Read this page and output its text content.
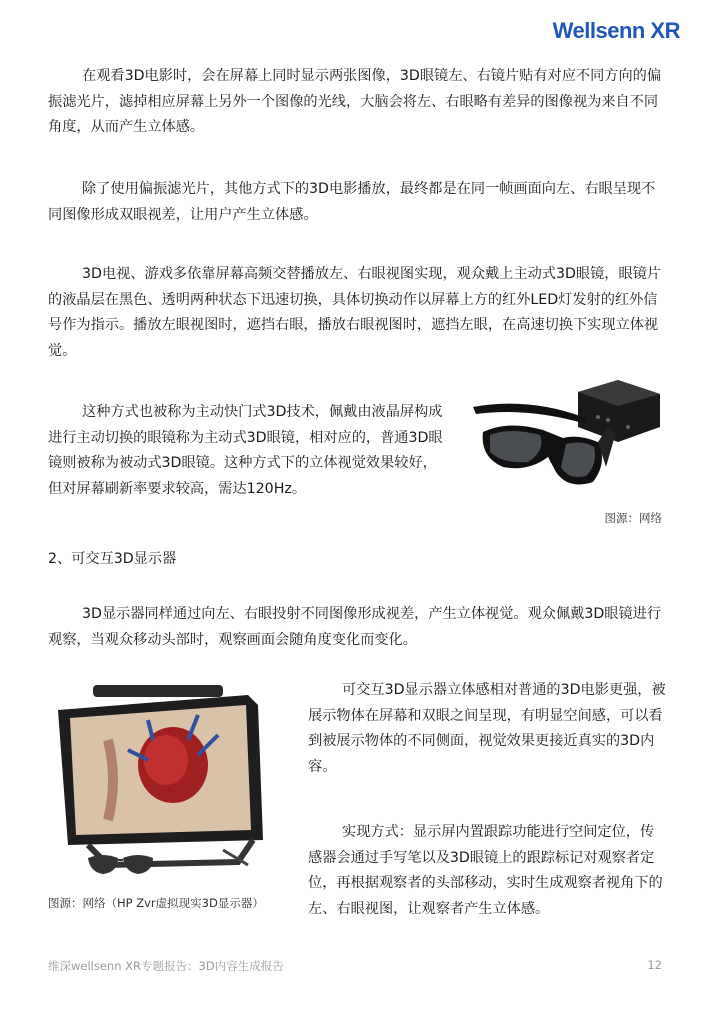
Wellsenn XR
在观看3D电影时，会在屏幕上同时显示两张图像，3D眼镜左、右镜片贴有对应不同方向的偏振滤光片，滤掉相应屏幕上另外一个图像的光线，大脑会将左、右眼略有差异的图像视为来自不同角度，从而产生立体感。
除了使用偏振滤光片，其他方式下的3D电影播放，最终都是在同一帧画面向左、右眼呈现不同图像形成双眼视差，让用户产生立体感。
3D电视、游戏多依靠屏幕高频交替播放左、右眼视图实现，观众戴上主动式3D眼镜，眼镜片的液晶层在黑色、透明两种状态下迅速切换，具体切换动作以屏幕上方的红外LED灯发射的红外信号作为指示。播放左眼视图时，遮挡右眼，播放右眼视图时，遮挡左眼，在高速切换下实现立体视觉。
这种方式也被称为主动快门式3D技术，佩戴由液晶屏构成进行主动切换的眼镜称为主动式3D眼镜，相对应的，普通3D眼镜则被称为被动式3D眼镜。这种方式下的立体视觉效果较好，但对屏幕刷新率要求较高，需达120Hz。
图源：网络
2、可交互3D显示器
3D显示器同样通过向左、右眼投射不同图像形成视差，产生立体视觉。观众佩戴3D眼镜进行观察，当观众移动头部时，观察画面会随角度变化而变化。
图源：网络（HP Zvr虚拟现实3D显示器）
可交互3D显示器立体感相对普通的3D电影更强，被展示物体在屏幕和双眼之间呈现，有明显空间感，可以看到被展示物体的不同侧面，视觉效果更接近真实的3D内容。
实现方式：显示屏内置跟踪功能进行空间定位，传感器会通过手写笔以及3D眼镜上的跟踪标记对观察者定位，再根据观察者的头部移动，实时生成观察者视角下的左、右眼视图，让观察者产生立体感。
维深wellsenn XR专题报告：3D内容生成报告	12
